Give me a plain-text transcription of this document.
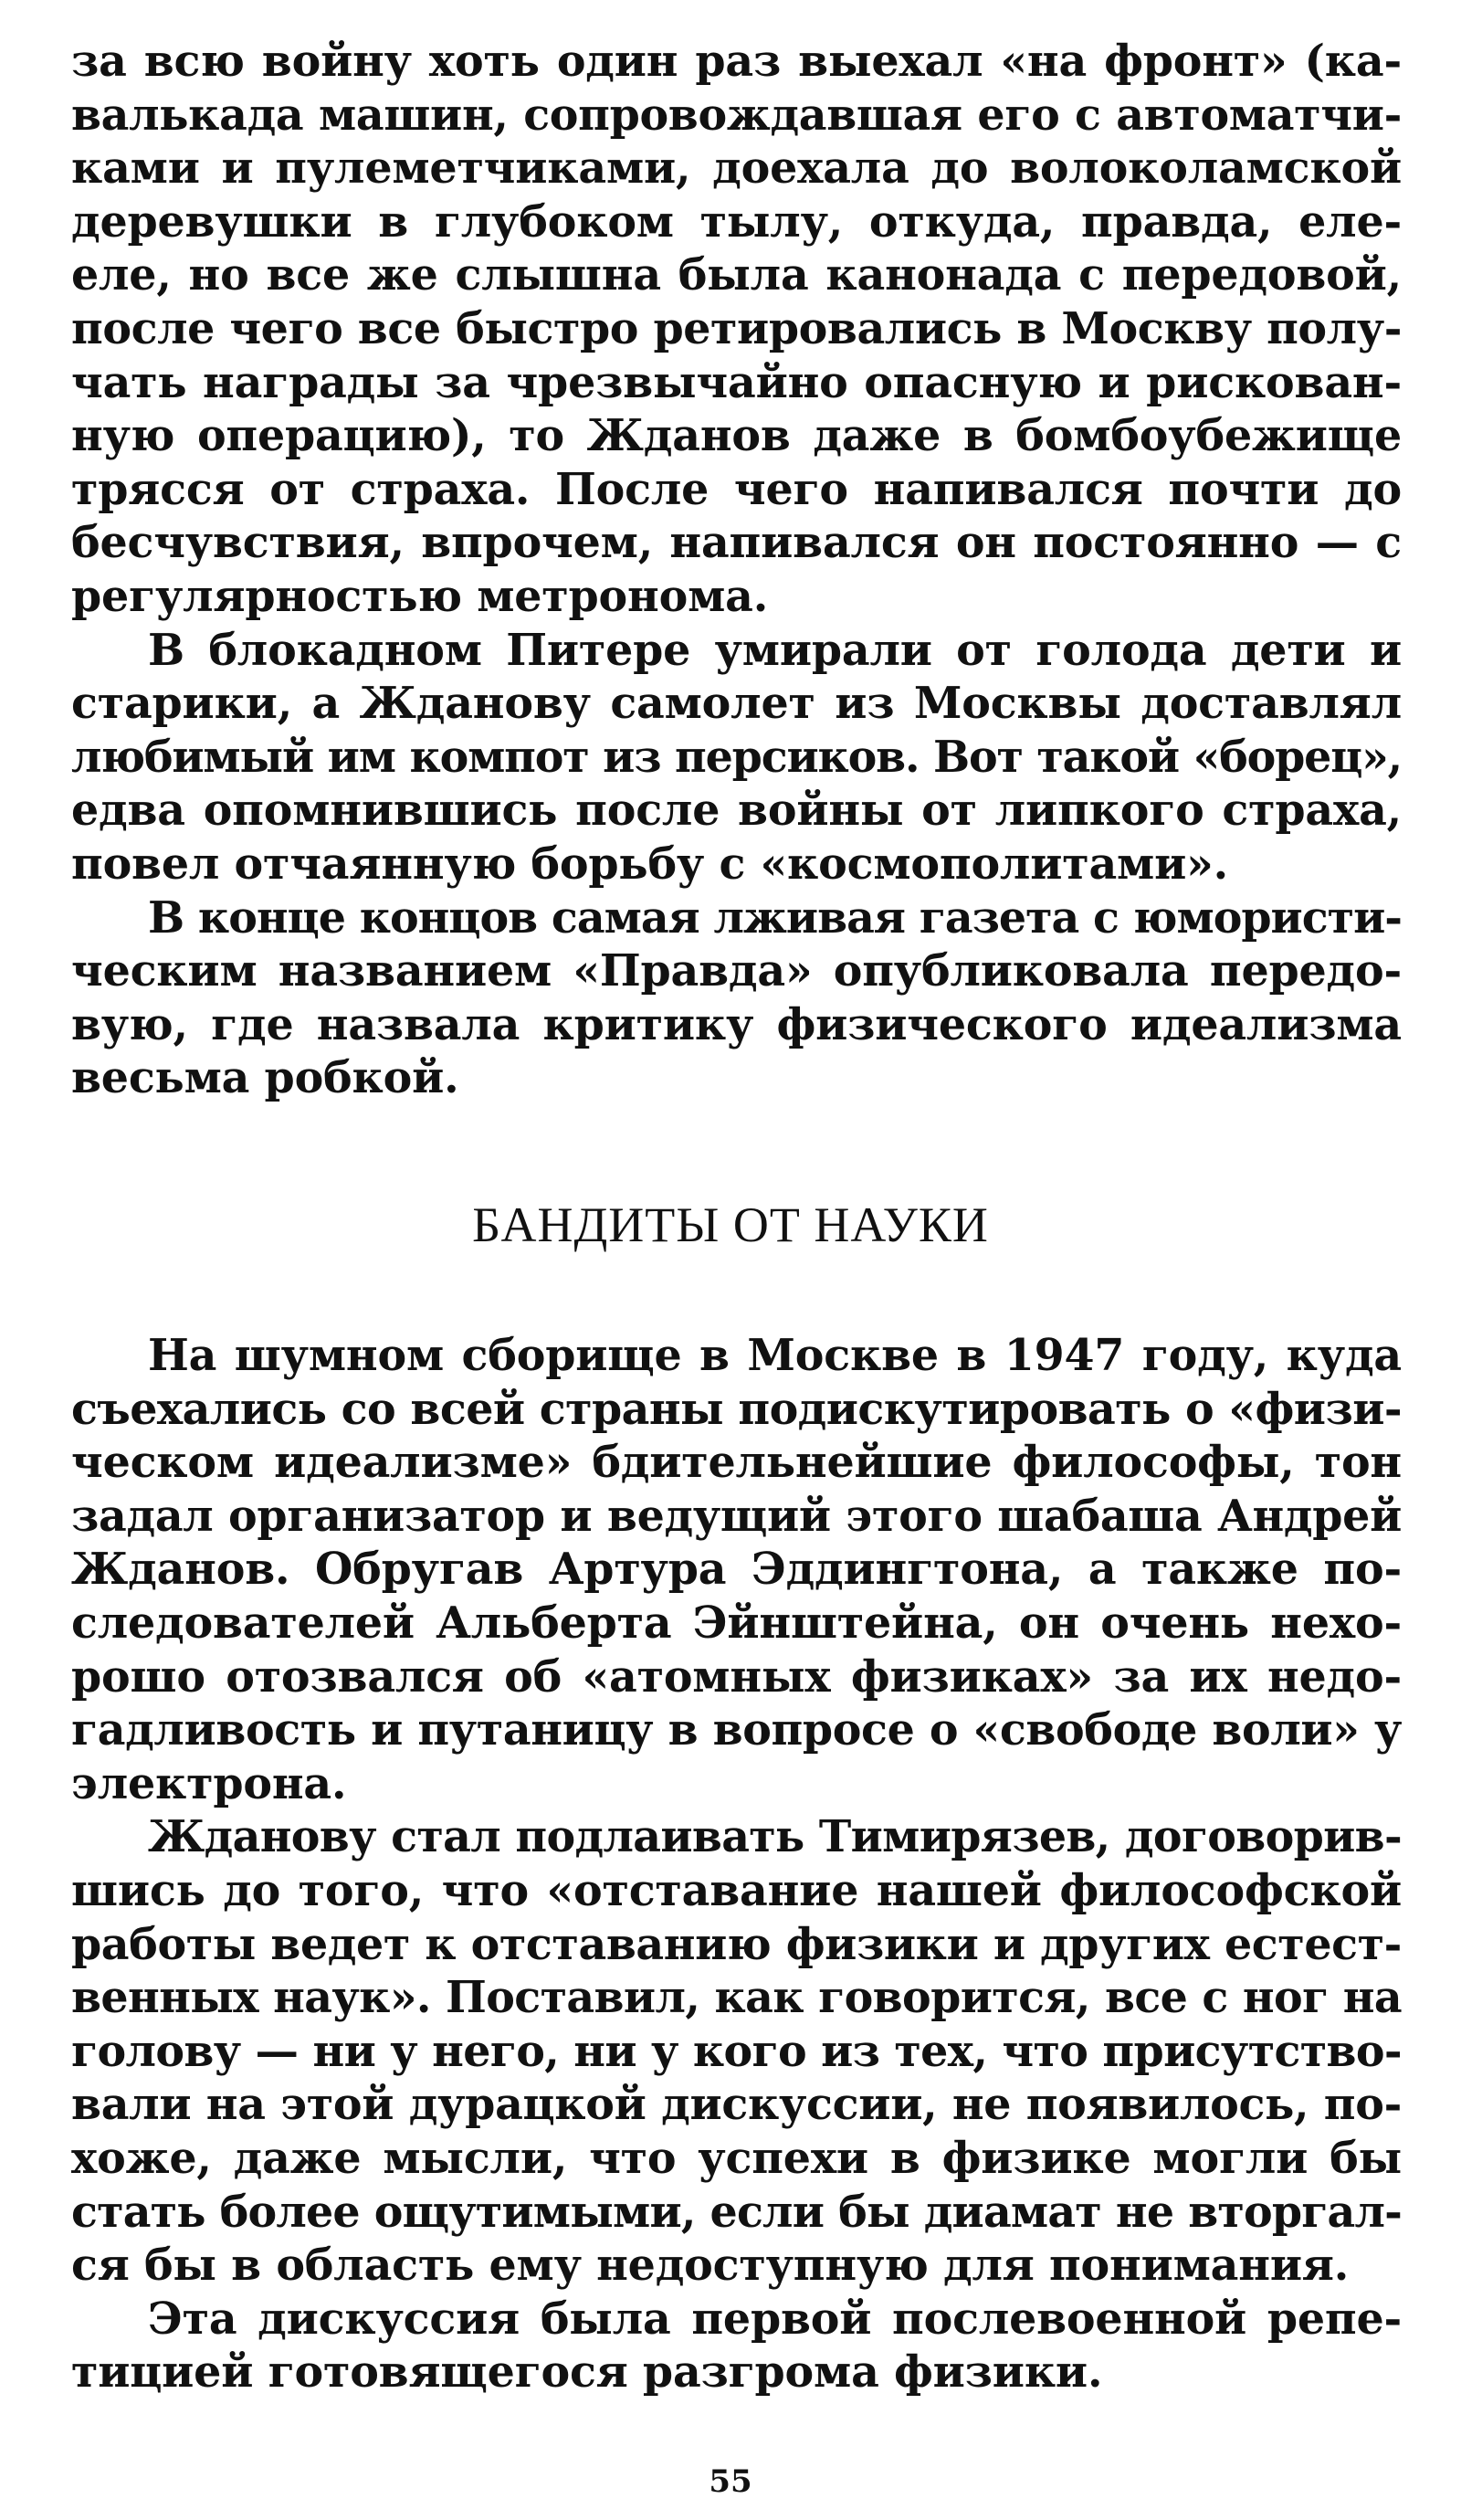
за всю войну хоть один раз выехал «на фронт» (ка-
валькада машин, сопровождавшая его с автоматчи-
ками и пулеметчиками, доехала до волоколамской
деревушки в глубоком тылу, откуда, правда, еле-
еле, но все же слышна была канонада с передовой,
после чего все быстро ретировались в Москву полу-
чать награды за чрезвычайно опасную и рискован-
ную операцию), то Жданов даже в бомбоубежище
трясся от страха. После чего напивался почти до
бесчувствия, впрочем, напивался он постоянно — с
регулярностью метронома.

В блокадном Питере умирали от голода дети и
старики, а Жданову самолет из Москвы доставлял
любимый им компот из персиков. Вот такой «борец»,
едва опомнившись после войны от липкого страха,
повел отчаянную борьбу с «космополитами».

В конце концов самая лживая газета с юмористи-
ческим названием «Правда» опубликовала передо-
вую, где назвала критику физического идеализма
весьма робкой.

БАНДИТЫ ОТ НАУКИ

На шумном сборище в Москве в 1947 году, куда
съехались со всей страны подискутировать о «физи-
ческом идеализме» бдительнейшие философы, тон
задал организатор и ведущий этого шабаша Андрей
Жданов. Обругав Артура Эддингтона, а также по-
следователей Альберта Эйнштейна, он очень нехо-
рошо отозвался об «атомных физиках» за их недо-
гадливость и путаницу в вопросе о «свободе воли» у
электрона.

Жданову стал подлаивать Тимирязев, договорив-
шись до того, что «отставание нашей философской
работы ведет к отставанию физики и других естест-
венных наук». Поставил, как говорится, все с ног на
голову — ни у него, ни у кого из тех, что присутство-
вали на этой дурацкой дискуссии, не появилось, по-
хоже, даже мысли, что успехи в физике могли бы
стать более ощутимыми, если бы диамат не вторгал-
ся бы в область ему недоступную для понимания.

Эта дискуссия была первой послевоенной репе-
тицией готовящегося разгрома физики.

55
